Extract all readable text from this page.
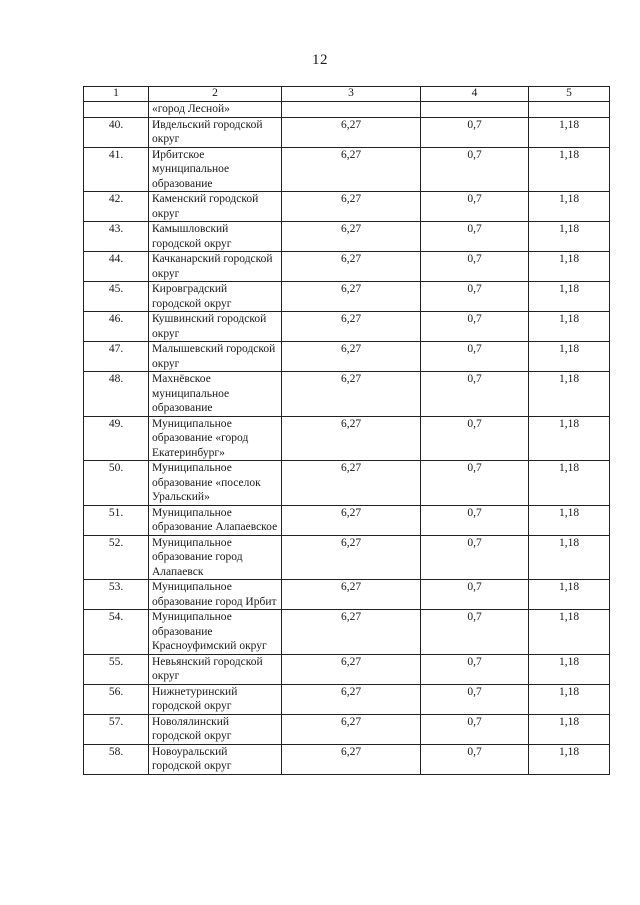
12
1	2	3	4	5
	«город Лесной»			
40.	Ивдельский городской округ	6,27	0,7	1,18
41.	Ирбитское муниципальное образование	6,27	0,7	1,18
42.	Каменский городской округ	6,27	0,7	1,18
43.	Камышловский городской округ	6,27	0,7	1,18
44.	Качканарский городской округ	6,27	0,7	1,18
45.	Кировградский городской округ	6,27	0,7	1,18
46.	Кушвинский городской округ	6,27	0,7	1,18
47.	Малышевский городской округ	6,27	0,7	1,18
48.	Махнёвское муниципальное образование	6,27	0,7	1,18
49.	Муниципальное образование «город Екатеринбург»	6,27	0,7	1,18
50.	Муниципальное образование «поселок Уральский»	6,27	0,7	1,18
51.	Муниципальное образование Алапаевское	6,27	0,7	1,18
52.	Муниципальное образование город Алапаевск	6,27	0,7	1,18
53.	Муниципальное образование город Ирбит	6,27	0,7	1,18
54.	Муниципальное образование Красноуфимский округ	6,27	0,7	1,18
55.	Невьянский городской округ	6,27	0,7	1,18
56.	Нижнетуринский городской округ	6,27	0,7	1,18
57.	Новолялинский городской округ	6,27	0,7	1,18
58.	Новоуральский городской округ	6,27	0,7	1,18
